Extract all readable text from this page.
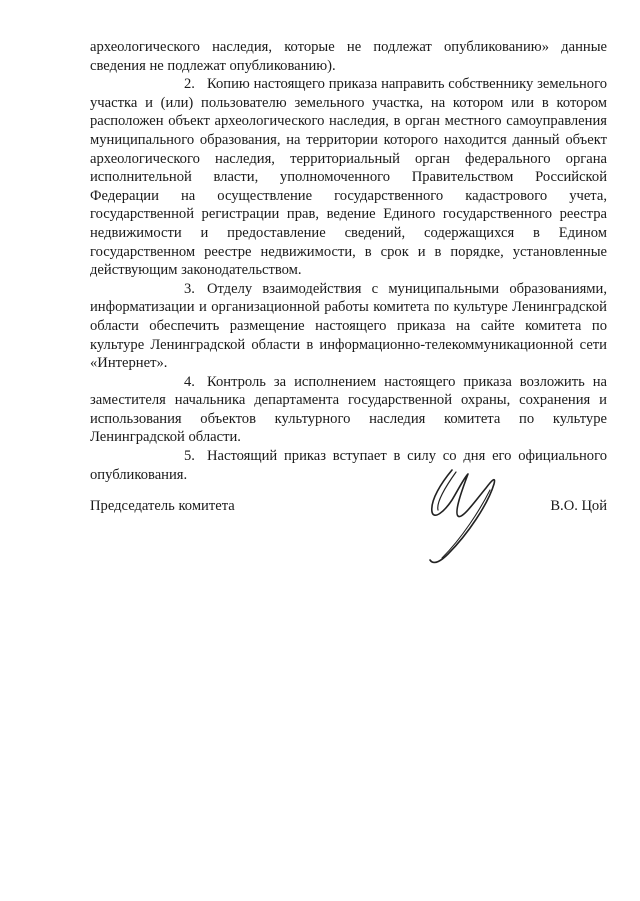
археологического наследия, которые не подлежат опубликованию» данные сведения не подлежат опубликованию).

2. Копию настоящего приказа направить собственнику земельного участка и (или) пользователю земельного участка, на котором или в котором расположен объект археологического наследия, в орган местного самоуправления муниципального образования, на территории которого находится данный объект археологического наследия, территориальный орган федерального органа исполнительной власти, уполномоченного Правительством Российской Федерации на осуществление государственного кадастрового учета, государственной регистрации прав, ведение Единого государственного реестра недвижимости и предоставление сведений, содержащихся в Едином государственном реестре недвижимости, в срок и в порядке, установленные действующим законодательством.

3. Отделу взаимодействия с муниципальными образованиями, информатизации и организационной работы комитета по культуре Ленинградской области обеспечить размещение настоящего приказа на сайте комитета по культуре Ленинградской области в информационно-телекоммуникационной сети «Интернет».

4. Контроль за исполнением настоящего приказа возложить на заместителя начальника департамента государственной охраны, сохранения и использования объектов культурного наследия комитета по культуре Ленинградской области.

5. Настоящий приказ вступает в силу со дня его официального опубликования.

Председатель комитета	В.О. Цой
